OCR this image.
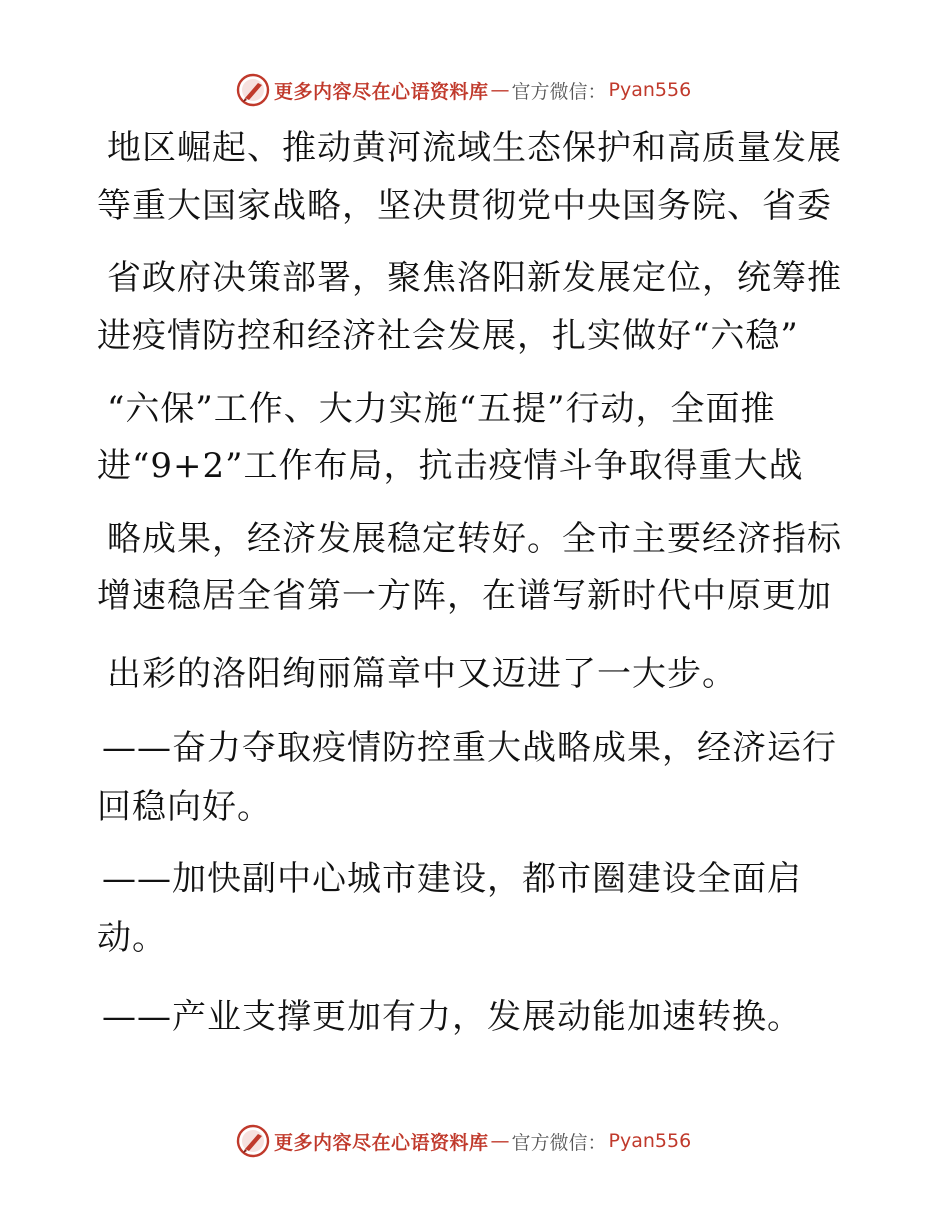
更多内容尽在心语资料库 — 官方微信： Pyan556
地区崛起、推动黄河流域生态保护和高质量发展
等重大国家战略，坚决贯彻党中央国务院、省委
省政府决策部署，聚焦洛阳新发展定位，统筹推
进疫情防控和经济社会发展，扎实做好“六稳”
“六保”工作、大力实施“五提”行动，全面推
进“9+2”工作布局，抗击疫情斗争取得重大战
略成果，经济发展稳定转好。全市主要经济指标
增速稳居全省第一方阵，在谱写新时代中原更加
出彩的洛阳绚丽篇章中又迈进了一大步。
——奋力夺取疫情防控重大战略成果，经济运行
回稳向好。
——加快副中心城市建设，都市圈建设全面启
动。
——产业支撑更加有力，发展动能加速转换。
更多内容尽在心语资料库 — 官方微信： Pyan556
